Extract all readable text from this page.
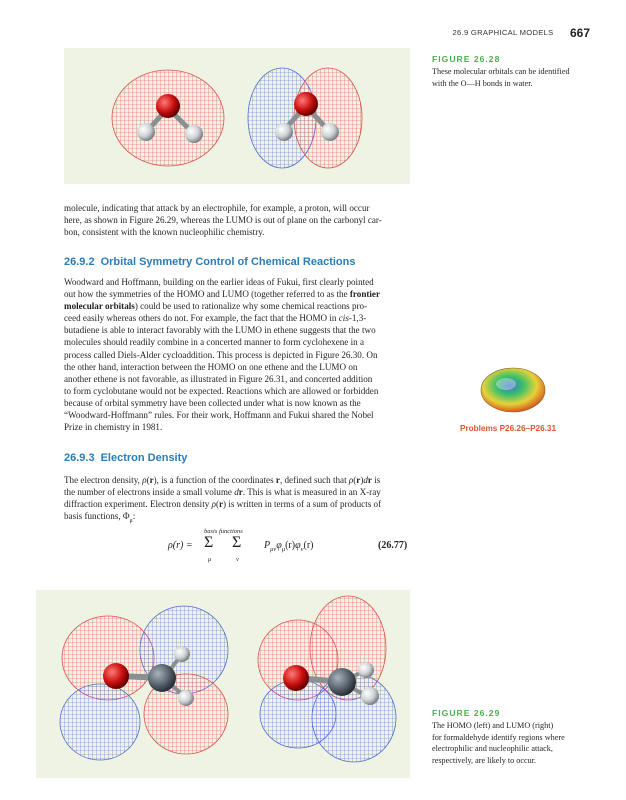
26.9 GRAPHICAL MODELS 667
FIGURE 26.28
These molecular orbitals can be identified
with the O—H bonds in water.

molecule, indicating that attack by an electrophile, for example, a proton, will occur

here, as shown in Figure 26.29, whereas the LUMO is out of plane on the carbonyl car-

bon, consistent with the known nucleophilic chemistry.

26.9.2 Orbital Symmetry Control of Chemical Reactions

Woodward and Hoffmann, building on the earlier ideas of Fukui, first clearly pointed

out how the symmetries of the HOMO and LUMO (together referred to as the frontier

molecular orbitals) could be used to rationalize why some chemical reactions pro-

ceed easily whereas others do not. For example, the fact that the HOMO in cis-1,3-

butadiene is able to interact favorably with the LUMO in ethene suggests that the two

molecules should readily combine in a concerted manner to form cyclohexene in a

process called Diels-Alder cycloaddition. This process is depicted in Figure 26.30. On

the other hand, interaction between the HOMO on one ethene and the LUMO on

another ethene is not favorable, as illustrated in Figure 26.31, and concerted addition

to form cyclobutane would not be expected. Reactions which are allowed or forbidden

because of orbital symmetry have been collected under what is now known as the

“Woodward-Hoffmann” rules. For their work, Hoffmann and Fukui shared the Nobel

Prize in chemistry in 1981.	Problems P26.26–P26.31
26.9.3 Electron Density

The electron density, ρ(r), is a function of the coordinates r, defined such that ρ(r)dr is

the number of electrons inside a small volume dr. This is what is measured in an X-ray

diffraction experiment. Electron density ρ(r) is written in terms of a sum of products of

basis functions, $\Phi_\mu$:

basis functions
ρ(r) = Σ
μ
Σ
ν
$P_{\mu\nu}\varphi_\mu(r)\varphi_\nu(r)$	(26.77)
FIGURE 26.29
The HOMO (left) and LUMO (right)
for formaldehyde identify regions where
electrophilic and nucleophilic attack,
respectively, are likely to occur.
